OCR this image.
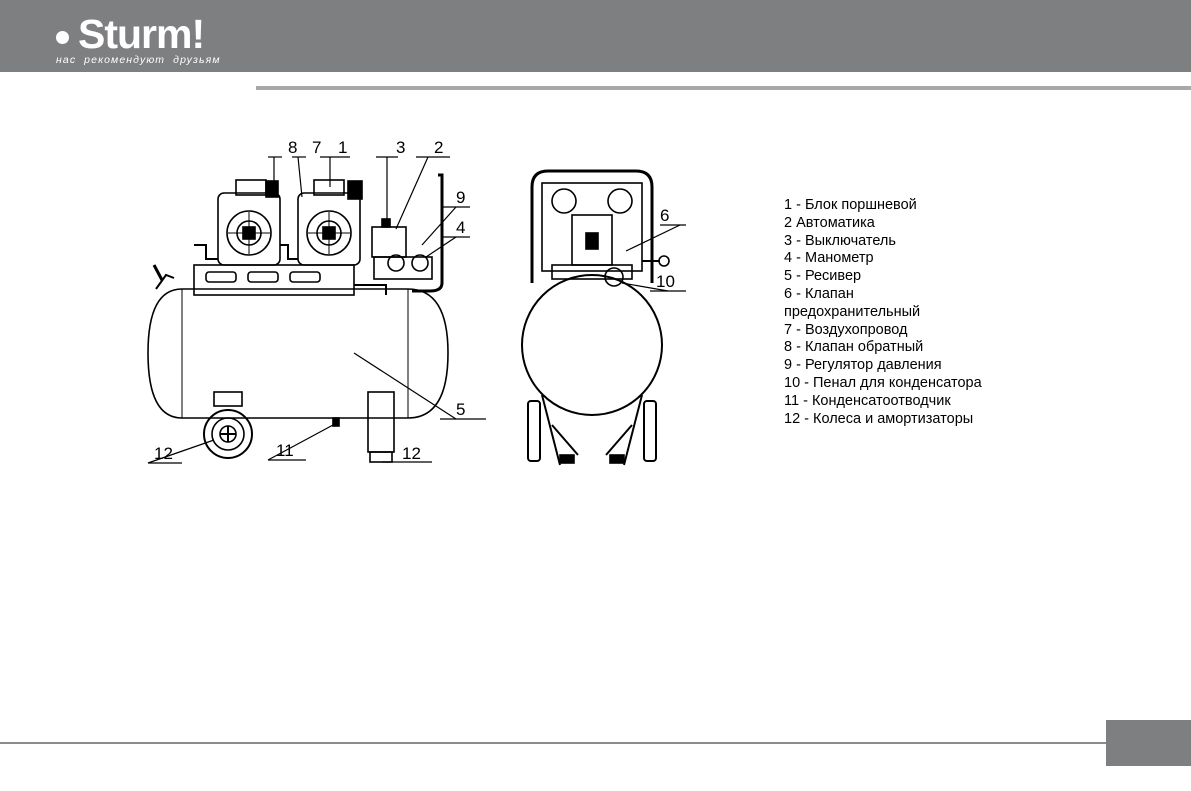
Sturm!
нас рекомендуют друзьям
8 7 1	3 2
9
4
5
12	11	12
6
10
1 - Блок поршневой
2 Автоматика
3 - Выключатель
4 - Манометр
5 - Ресивер
6 - Клапан
предохранительный
7 - Воздухопровод
8 - Клапан обратный
9 - Регулятор давления
10 - Пенал для конденсатора
11 - Конденсатоотводчик
12 - Колеса и амортизаторы
